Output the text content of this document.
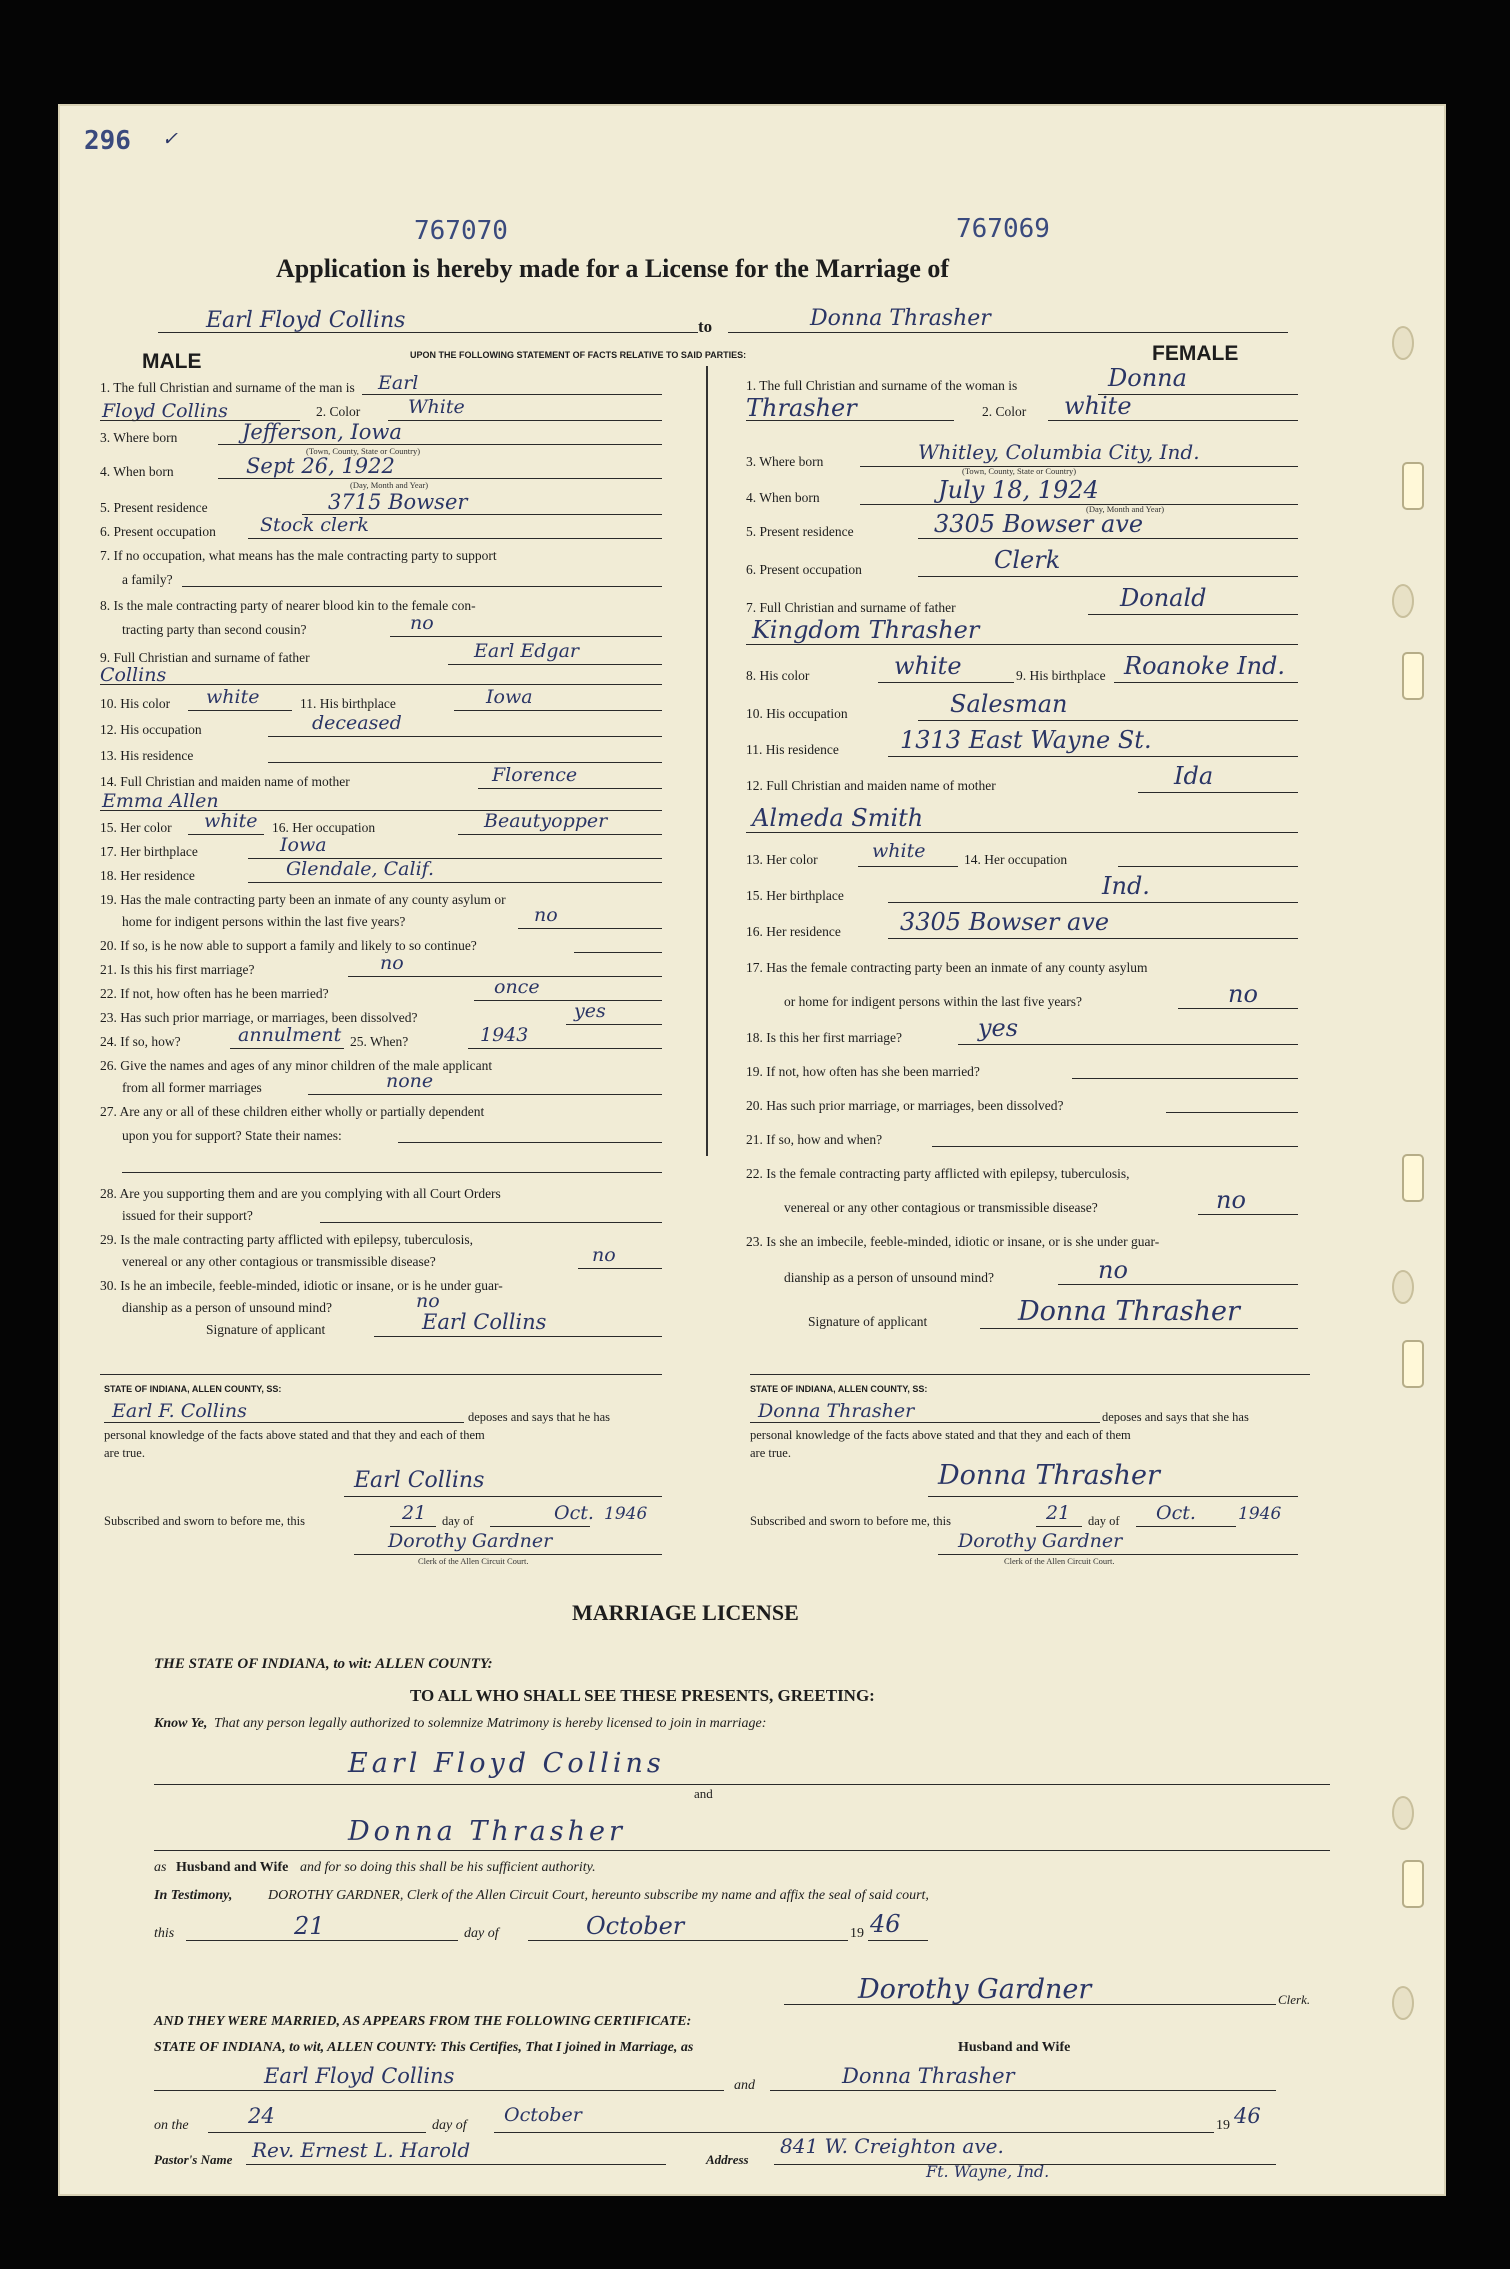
296 ✓
767070	767069
Application is hereby made for a License for the Marriage of
Earl Floyd Collins	to	Donna Thrasher
MALE	FEMALE
UPON THE FOLLOWING STATEMENT OF FACTS RELATIVE TO SAID PARTIES:
1. The full Christian and surname of the man is Earl
Floyd Collins	2. Color	White
3. Where born	Jefferson, Iowa
(Town, County, State or Country)
4. When born	Sept 26, 1922
(Day, Month and Year)
5. Present residence	3715 Bowser
6. Present occupation Stock clerk
7. If no occupation, what means has the male contracting party to support
a family?
8. Is the male contracting party of nearer blood kin to the female con-
tracting party than second cousin?	no
9. Full Christian and surname of father	Earl Edgar
Collins
10. His color white	11. His birthplace	Iowa
12. His occupation	deceased
13. His residence
14. Full Christian and maiden name of mother	Florence
Emma Allen
15. Her color white 16. Her occupation	Beautyopper
17. Her birthplace	Iowa
18. Her residence	Glendale, Calif.
19. Has the male contracting party been an inmate of any county asylum or
home for indigent persons within the last five years?	no
20. If so, is he now able to support a family and likely to so continue?
21. Is this his first marriage?	no
22. If not, how often has he been married?	once
23. Has such prior marriage, or marriages, been dissolved?	yes
24. If so, how?	annulment 25. When?	1943
26. Give the names and ages of any minor children of the male applicant
from all former marriages	none
27. Are any or all of these children either wholly or partially dependent
upon you for support? State their names:
28. Are you supporting them and are you complying with all Court Orders
issued for their support?
29. Is the male contracting party afflicted with epilepsy, tuberculosis,
venereal or any other contagious or transmissible disease?	no
30. Is he an imbecile, feeble-minded, idiotic or insane, or is he under guar-
dianship as a person of unsound mind?	no
Signature of applicant	Earl Collins
1. The full Christian and surname of the woman is	Donna
Thrasher	2. Color white
3. Where born	Whitley, Columbia City, Ind.
(Town, County, State or Country)
4. When born	July 18, 1924
(Day, Month and Year)
5. Present residence	3305 Bowser ave
6. Present occupation	Clerk
7. Full Christian and surname of father	Donald
Kingdom Thrasher
8. His color	white	9. His birthplace Roanoke Ind.
10. His occupation	Salesman
11. His residence	1313 East Wayne St.
12. Full Christian and maiden name of mother	Ida
Almeda Smith
13. Her color	white	14. Her occupation
15. Her birthplace	Ind.
16. Her residence 3305 Bowser ave
17. Has the female contracting party been an inmate of any county asylum
or home for indigent persons within the last five years?	no
18. Is this her first marriage?	yes
19. If not, how often has she been married?
20. Has such prior marriage, or marriages, been dissolved?
21. If so, how and when?
22. Is the female contracting party afflicted with epilepsy, tuberculosis,
venereal or any other contagious or transmissible disease?	no
23. Is she an imbecile, feeble-minded, idiotic or insane, or is she under guar-
dianship as a person of unsound mind?	no
Signature of applicant	Donna Thrasher
STATE OF INDIANA, ALLEN COUNTY, SS:
Earl F. Collins	deposes and says that he has
personal knowledge of the facts above stated and that they and each of them
are true.
Earl Collins
Subscribed and sworn to before me, this	21 day of	Oct. 1946
Dorothy Gardner
Clerk of the Allen Circuit Court.
STATE OF INDIANA, ALLEN COUNTY, SS:
Donna Thrasher	deposes and says that she has
personal knowledge of the facts above stated and that they and each of them
are true.
Donna Thrasher
Subscribed and sworn to before me, this	21 day of Oct. 1946
Dorothy Gardner
Clerk of the Allen Circuit Court.
MARRIAGE LICENSE
THE STATE OF INDIANA, to wit: ALLEN COUNTY:
TO ALL WHO SHALL SEE THESE PRESENTS, GREETING:
Know Ye, That any person legally authorized to solemnize Matrimony is hereby licensed to join in marriage:
Earl Floyd Collins
and
Donna Thrasher
as Husband and Wife and for so doing this shall be his sufficient authority.
In Testimony,	DOROTHY GARDNER, Clerk of the Allen Circuit Court, hereunto subscribe my name and affix the seal of said court,
this	21	day of	October	19 46
Dorothy Gardner	Clerk.
AND THEY WERE MARRIED, AS APPEARS FROM THE FOLLOWING CERTIFICATE:
STATE OF INDIANA, to wit, ALLEN COUNTY: This Certifies, That I joined in Marriage, as	Husband and Wife
Earl Floyd Collins	and	Donna Thrasher
on the	24	day of October	19 46
Pastor's Name Rev. Ernest L. Harold	Address
841 W. Creighton ave.
Ft. Wayne, Ind.
